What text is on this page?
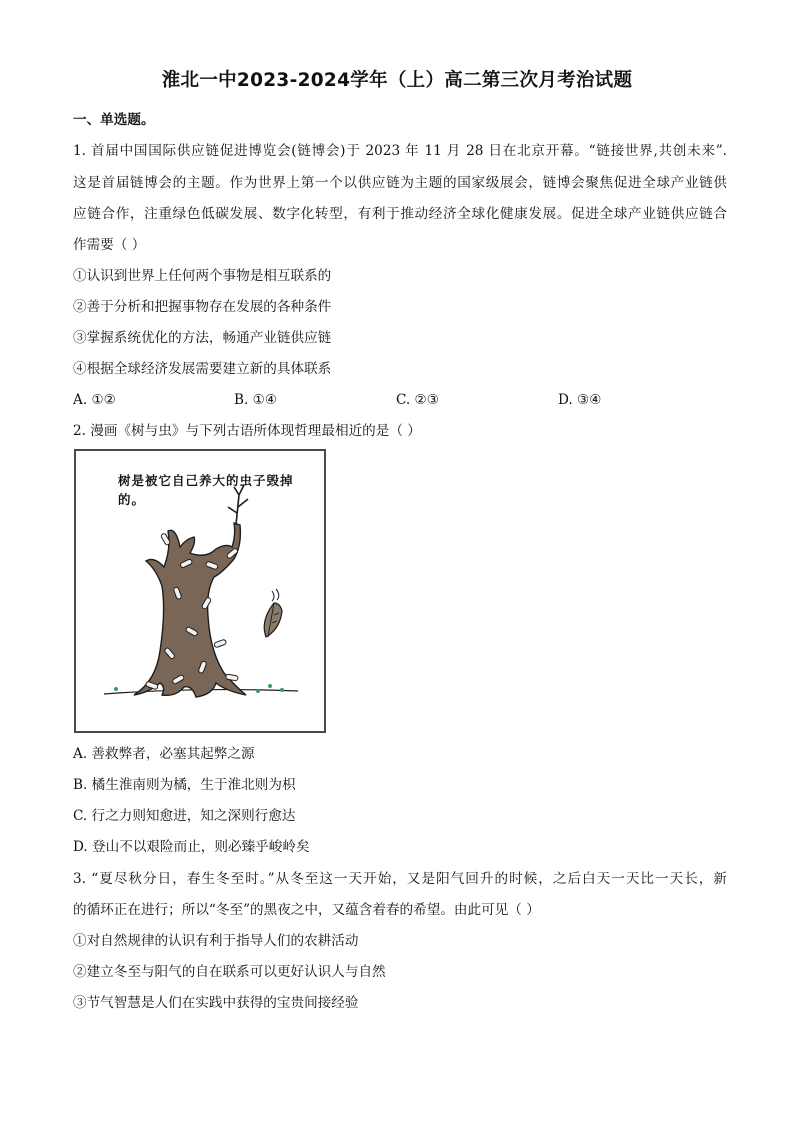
淮北一中2023-2024学年（上）高二第三次月考治试题
一、单选题。
1. 首届中国国际供应链促进博览会(链博会)于 2023 年 11 月 28 日在北京开幕。“链接世界,共创未来”.
这是首届链博会的主题。作为世界上第一个以供应链为主题的国家级展会，链博会聚焦促进全球产业链供
应链合作，注重绿色低碳发展、数字化转型，有利于推动经济全球化健康发展。促进全球产业链供应链合
作需要（ ）
①认识到世界上任何两个事物是相互联系的
②善于分析和把握事物存在发展的各种条件
③掌握系统优化的方法，畅通产业链供应链
④根据全球经济发展需要建立新的具体联系
A. ①②	B. ①④	C. ②③	D. ③④
2. 漫画《树与虫》与下列古语所体现哲理最相近的是（ ）
树是被它自己养大的虫子毁掉的。
A. 善救弊者，必塞其起弊之源
B. 橘生淮南则为橘，生于淮北则为枳
C. 行之力则知愈进，知之深则行愈达
D. 登山不以艰险而止，则必臻乎峻岭矣
3. “夏尽秋分日，春生冬至时。”从冬至这一天开始，又是阳气回升的时候，之后白天一天比一天长，新
的循环正在进行；所以“冬至”的黑夜之中，又蕴含着春的希望。由此可见（ ）
①对自然规律的认识有利于指导人们的农耕活动
②建立冬至与阳气的自在联系可以更好认识人与自然
③节气智慧是人们在实践中获得的宝贵间接经验
